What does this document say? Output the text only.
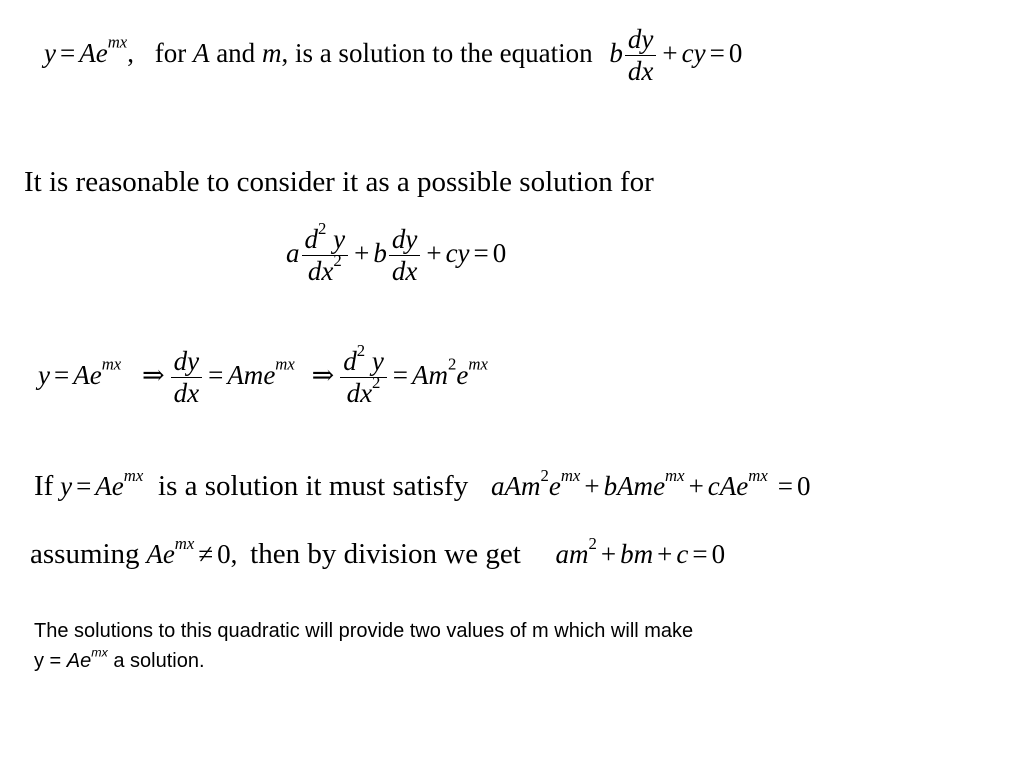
$y = Ae^{mx}$, for A and m, is a solution to the equation b $\frac{dy}{dx}$ + cy = 0
It is reasonable to consider it as a possible solution for
a $\frac{d^2 y}{dx^2} + b \frac{dy}{dx}$ + cy = 0
$y = Ae^{mx}$ ⇒ $\frac{dy}{dx} = Ame^{mx}$ ⇒ $\frac{d^2 y}{dx^2} = Am^2e^{mx}$
If $y = Ae^{mx}$ is a solution it must satisfy $aAm^2e^{mx}$ + bAme$^{mx}$ + cAe$^{mx}$ = 0
assuming $Ae^{mx} \ne 0$, then by division we get $am^2$ + bm + c = 0
The solutions to this quadratic will provide two values of m which will make
$y = Ae^{mx}$ a solution.
